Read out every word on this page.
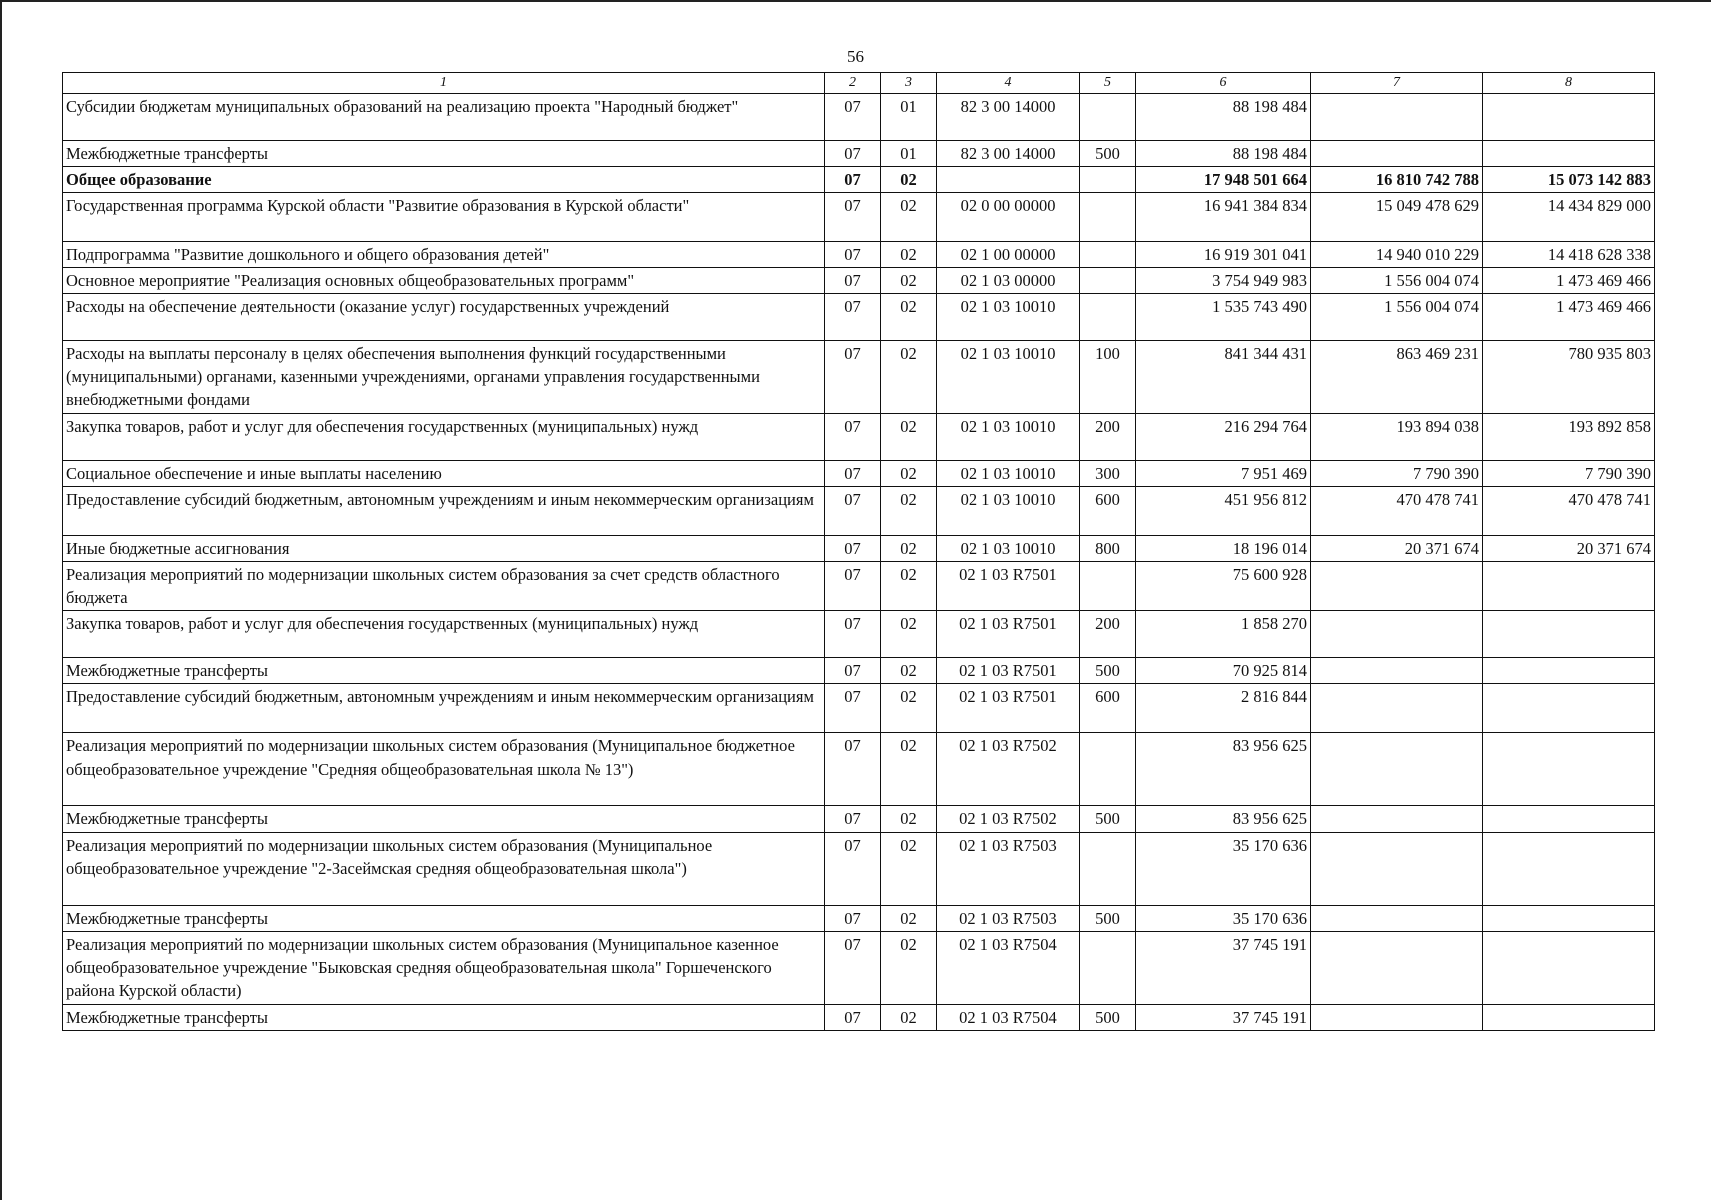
56
1	2	3	4	5	6	7	8
Субсидии бюджетам муниципальных образований на реализацию проекта "Народный бюджет"	07	01	82 3 00 14000		88 198 484		
Межбюджетные трансферты	07	01	82 3 00 14000	500	88 198 484		
Общее образование	07	02			17 948 501 664	16 810 742 788	15 073 142 883
Государственная программа Курской области "Развитие образования в Курской области"	07	02	02 0 00 00000		16 941 384 834	15 049 478 629	14 434 829 000
Подпрограмма "Развитие дошкольного и общего образования детей"	07	02	02 1 00 00000		16 919 301 041	14 940 010 229	14 418 628 338
Основное мероприятие "Реализация основных общеобразовательных программ"	07	02	02 1 03 00000		3 754 949 983	1 556 004 074	1 473 469 466
Расходы на обеспечение деятельности (оказание услуг) государственных учреждений	07	02	02 1 03 10010		1 535 743 490	1 556 004 074	1 473 469 466
Расходы на выплаты персоналу в целях обеспечения выполнения функций государственными (муниципальными) органами, казенными учреждениями, органами управления государственными внебюджетными фондами	07	02	02 1 03 10010	100	841 344 431	863 469 231	780 935 803
Закупка товаров, работ и услуг для обеспечения государственных (муниципальных) нужд	07	02	02 1 03 10010	200	216 294 764	193 894 038	193 892 858
Социальное обеспечение и иные выплаты населению	07	02	02 1 03 10010	300	7 951 469	7 790 390	7 790 390
Предоставление субсидий бюджетным, автономным учреждениям и иным некоммерческим организациям	07	02	02 1 03 10010	600	451 956 812	470 478 741	470 478 741
Иные бюджетные ассигнования	07	02	02 1 03 10010	800	18 196 014	20 371 674	20 371 674
Реализация мероприятий по модернизации школьных систем образования за счет средств областного бюджета	07	02	02 1 03 R7501		75 600 928		
Закупка товаров, работ и услуг для обеспечения государственных (муниципальных) нужд	07	02	02 1 03 R7501	200	1 858 270		
Межбюджетные трансферты	07	02	02 1 03 R7501	500	70 925 814		
Предоставление субсидий бюджетным, автономным учреждениям и иным некоммерческим организациям	07	02	02 1 03 R7501	600	2 816 844		
Реализация мероприятий по модернизации школьных систем образования (Муниципальное бюджетное общеобразовательное учреждение "Средняя общеобразовательная школа № 13")	07	02	02 1 03 R7502		83 956 625		
Межбюджетные трансферты	07	02	02 1 03 R7502	500	83 956 625		
Реализация мероприятий по модернизации школьных систем образования (Муниципальное общеобразовательное учреждение "2-Засеймская средняя общеобразовательная школа")	07	02	02 1 03 R7503		35 170 636		
Межбюджетные трансферты	07	02	02 1 03 R7503	500	35 170 636		
Реализация мероприятий по модернизации школьных систем образования (Муниципальное казенное общеобразовательное учреждение "Быковская средняя общеобразовательная школа" Горшеченского района Курской области)	07	02	02 1 03 R7504		37 745 191		
Межбюджетные трансферты	07	02	02 1 03 R7504	500	37 745 191		
